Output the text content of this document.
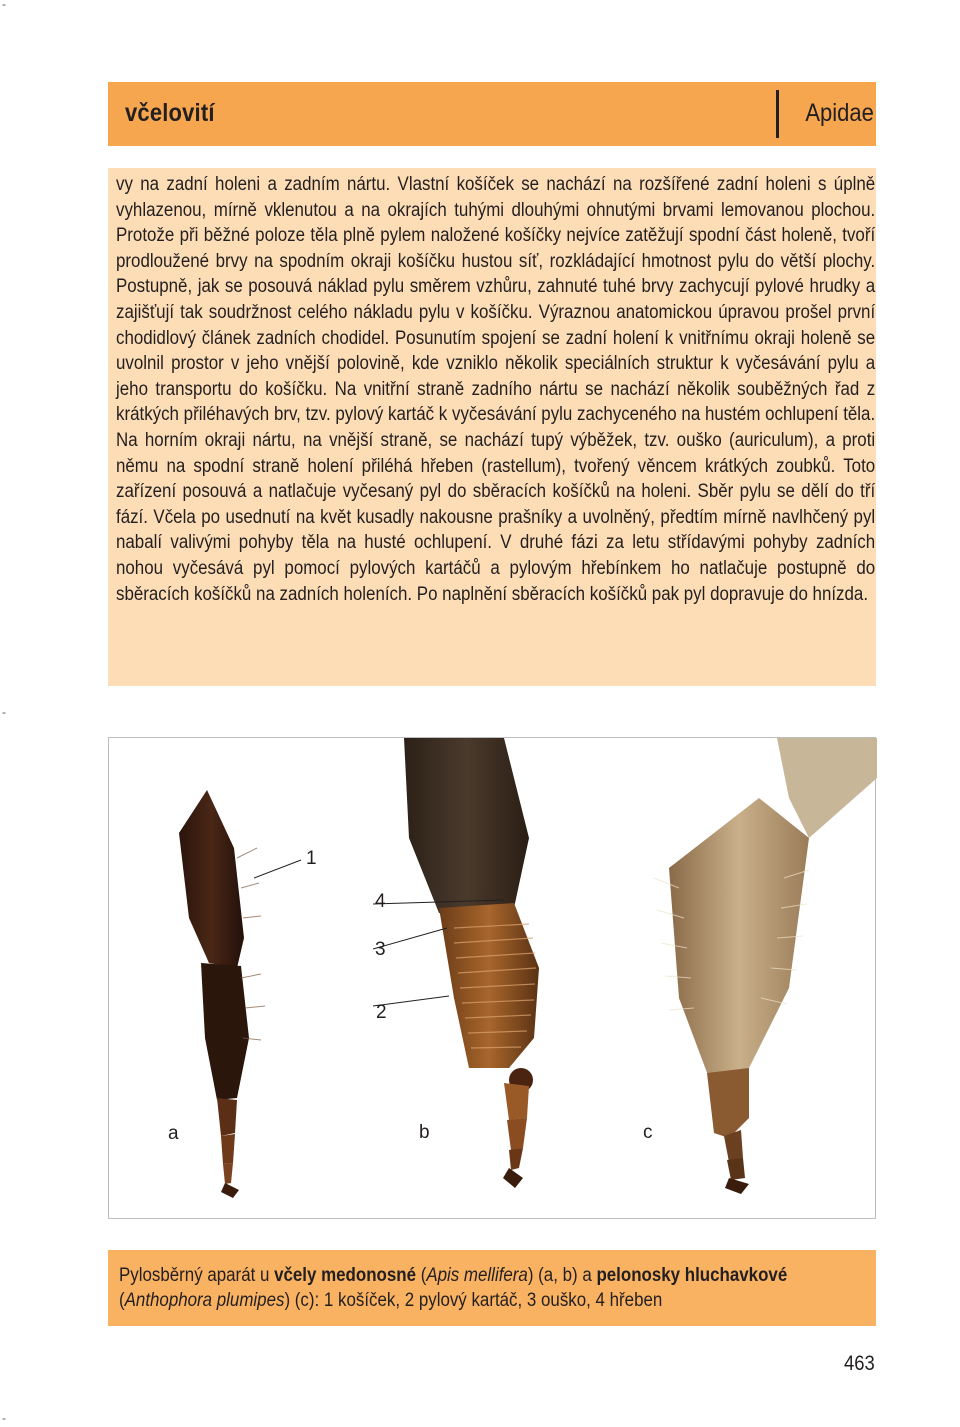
-
-
-
včelovití	Apidae
vy na zadní holeni a zadním nártu. Vlastní košíček se nachází na rozšířené zadní holeni s úplně vyhlazenou, mírně vklenutou a na okrajích tuhými dlouhými ohnutými brvami lemovanou plochou. Protože při běžné poloze těla plně pylem naložené košíčky nejvíce zatěžují spodní část holeně, tvoří prodloužené brvy na spodním okraji košíčku hustou síť, rozkládající hmotnost pylu do větší plochy. Postupně, jak se posouvá náklad pylu směrem vzhůru, zahnuté tuhé brvy zachycují pylové hrudky a zajišťují tak soudržnost celého nákladu pylu v košíčku. Výraznou anatomickou úpravou prošel první chodidlový článek zadních chodidel. Posunutím spojení se zadní holení k vnitřnímu okraji holeně se uvolnil prostor v jeho vnější polovině, kde vzniklo několik speciálních struktur k vyčesávání pylu a jeho transportu do košíčku. Na vnitřní straně zadního nártu se nachází několik souběžných řad z krátkých přiléhavých brv, tzv. pylový kartáč k vyčesávání pylu zachyceného na hustém ochlupení těla. Na horním okraji nártu, na vnější straně, se nachází tupý výběžek, tzv. ouško (auriculum), a proti němu na spodní straně holení přiléhá hřeben (rastellum), tvořený věncem krátkých zoubků. Toto zařízení posouvá a natlačuje vyčesaný pyl do sběracích košíčků na holeni. Sběr pylu se dělí do tří fází. Včela po usednutí na květ kusadly nakousne prašníky a uvolněný, předtím mírně navlhčený pyl nabalí valivými pohyby těla na husté ochlupení. V druhé fázi za letu střídavými pohyby zadních nohou vyčesává pyl pomocí pylových kartáčů a pylovým hřebínkem ho natlačuje postupně do sběracích košíčků na zadních holeních. Po naplnění sběracích košíčků pak pyl dopravuje do hnízda.
1
4
3
2
a	b	c
Pylosběrný aparát u včely medonosné (Apis mellifera) (a, b) a pelonosky hluchavkové (Anthophora plumipes) (c): 1 košíček, 2 pylový kartáč, 3 ouško, 4 hřeben
463
